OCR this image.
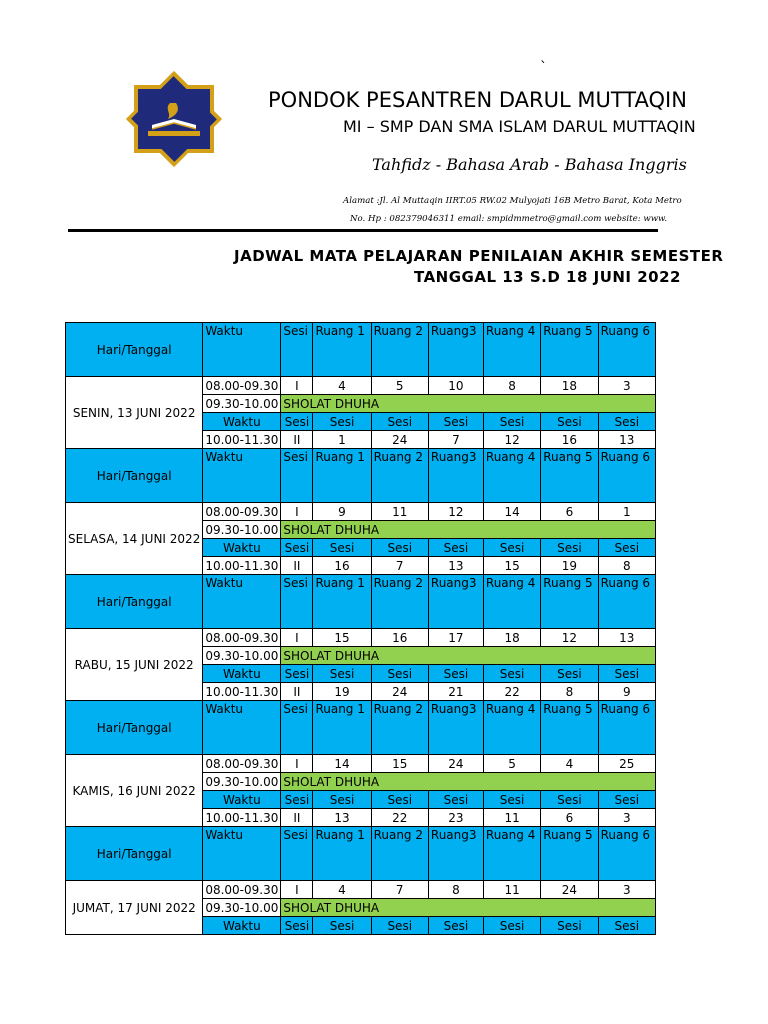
`
PONDOK PESANTREN DARUL MUTTAQIN
MI – SMP DAN SMA ISLAM DARUL MUTTAQIN
Tahfidz - Bahasa Arab - Bahasa Inggris
Alamat :Jl. Al Muttaqin IIRT.05 RW.02 Mulyojati 16B Metro Barat, Kota Metro
No. Hp : 082379046311 email: smpidmmetro@gmail.com website: www.
JADWAL MATA PELAJARAN PENILAIAN AKHIR SEMESTER
TANGGAL 13 S.D 18 JUNI 2022
Hari/Tanggal	Waktu	Sesi	Ruang 1	Ruang 2	Ruang3	Ruang 4	Ruang 5	Ruang 6
SENIN, 13 JUNI 2022	08.00-09.30	I	4	5	10	8	18	3
	09.30-10.00	SHOLAT DHUHA						
	Waktu	Sesi	Sesi	Sesi	Sesi	Sesi	Sesi	Sesi
	10.00-11.30	II	1	24	7	12	16	13
Hari/Tanggal	Waktu	Sesi	Ruang 1	Ruang 2	Ruang3	Ruang 4	Ruang 5	Ruang 6
SELASA, 14 JUNI 2022	08.00-09.30	I	9	11	12	14	6	1
	09.30-10.00	SHOLAT DHUHA						
	Waktu	Sesi	Sesi	Sesi	Sesi	Sesi	Sesi	Sesi
	10.00-11.30	II	16	7	13	15	19	8
Hari/Tanggal	Waktu	Sesi	Ruang 1	Ruang 2	Ruang3	Ruang 4	Ruang 5	Ruang 6
RABU, 15 JUNI 2022	08.00-09.30	I	15	16	17	18	12	13
	09.30-10.00	SHOLAT DHUHA						
	Waktu	Sesi	Sesi	Sesi	Sesi	Sesi	Sesi	Sesi
	10.00-11.30	II	19	24	21	22	8	9
Hari/Tanggal	Waktu	Sesi	Ruang 1	Ruang 2	Ruang3	Ruang 4	Ruang 5	Ruang 6
KAMIS, 16 JUNI 2022	08.00-09.30	I	14	15	24	5	4	25
	09.30-10.00	SHOLAT DHUHA						
	Waktu	Sesi	Sesi	Sesi	Sesi	Sesi	Sesi	Sesi
	10.00-11.30	II	13	22	23	11	6	3
Hari/Tanggal	Waktu	Sesi	Ruang 1	Ruang 2	Ruang3	Ruang 4	Ruang 5	Ruang 6
JUMAT, 17 JUNI 2022	08.00-09.30	I	4	7	8	11	24	3
	09.30-10.00	SHOLAT DHUHA						
	Waktu	Sesi	Sesi	Sesi	Sesi	Sesi	Sesi	Sesi
